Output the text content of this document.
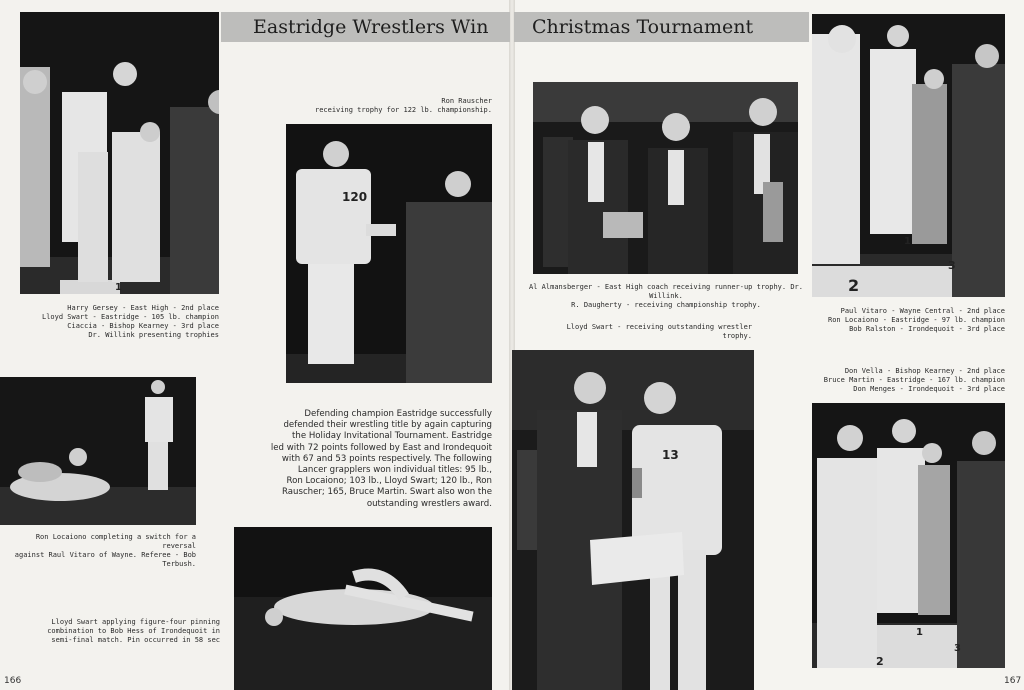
Eastridge Wrestlers Win	Christmas Tournament
1
120
Harry Gersey - East High - 2nd place
Lloyd Swart - Eastridge - 105 lb. champion
Ciaccia - Bishop Kearney - 3rd place
Dr. Willink presenting trophies
Ron Rauscher
receiving trophy for 122 lb. championship.
Ron Locaiono completing a switch for a reversal
against Raul Vitaro of Wayne. Referee - Bob
Terbush.
Lloyd Swart applying figure-four pinning
combination to Bob Hess of Irondequoit in
semi-final match. Pin occurred in 58 sec
Defending champion Eastridge successfully
defended their wrestling title by again capturing
the Holiday Invitational Tournament. Eastridge
led with 72 points followed by East and Irondequoit
with 67 and 53 points respectively. The following
Lancer grapplers won individual titles: 95 lb.,
Ron Locaiono; 103 lb., Lloyd Swart; 120 lb., Ron
Rauscher; 165, Bruce Martin. Swart also won the
outstanding wrestlers award.
166
1
2
3
13
1
2
3
Al Almansberger - East High coach receiving runner-up trophy. Dr. Willink.
R. Daugherty - receiving championship trophy.
Lloyd Swart - receiving outstanding wrestler
trophy.
Paul Vitaro - Wayne Central - 2nd place
Ron Locaiono - Eastridge - 97 lb. champion
Bob Ralston - Irondequoit - 3rd place
Don Vella - Bishop Kearney - 2nd place
Bruce Martin - Eastridge - 167 lb. champion
Don Menges - Irondequoit - 3rd place
167
